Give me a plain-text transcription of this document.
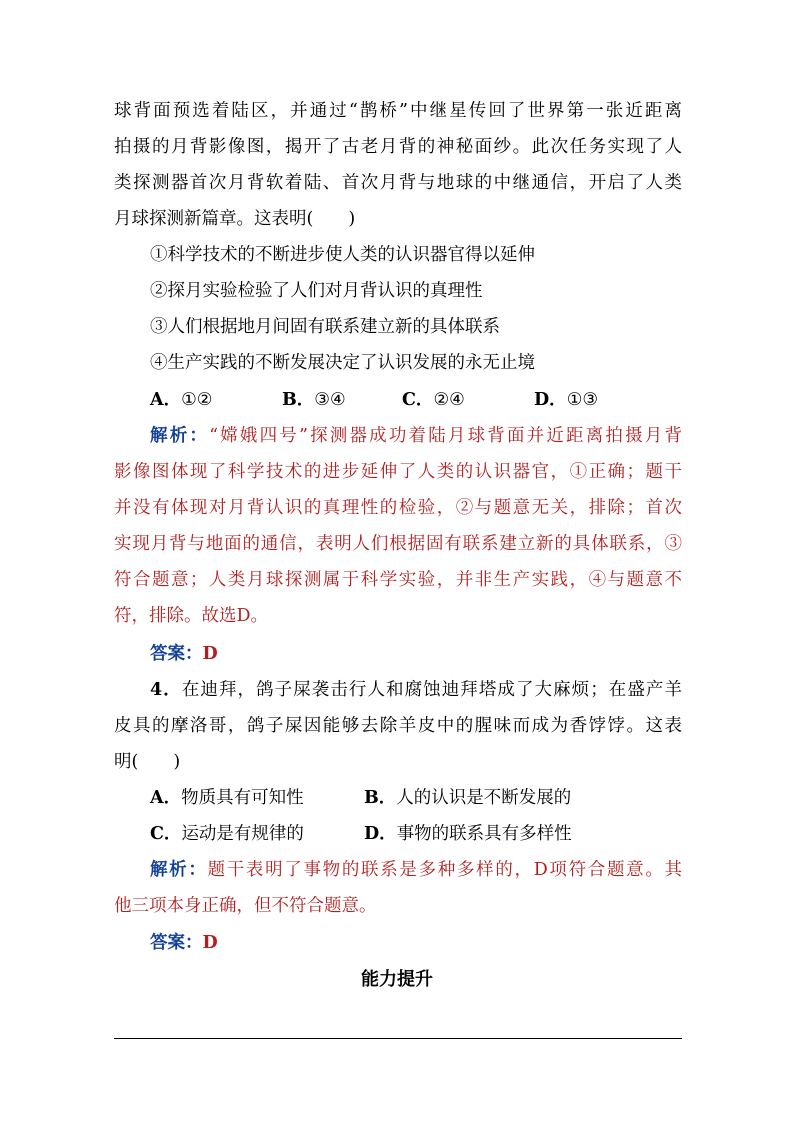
球背面预选着陆区，并通过“鹊桥”中继星传回了世界第一张近距离
拍摄的月背影像图，揭开了古老月背的神秘面纱。此次任务实现了人
类探测器首次月背软着陆、首次月背与地球的中继通信，开启了人类
月球探测新篇章。这表明(　　)
①科学技术的不断进步使人类的认识器官得以延伸
②探月实验检验了人们对月背认识的真理性
③人们根据地月间固有联系建立新的具体联系
④生产实践的不断发展决定了认识发展的永无止境
A．①②	B．③④	C．②④	D．①③
解析：“嫦娥四号”探测器成功着陆月球背面并近距离拍摄月背
影像图体现了科学技术的进步延伸了人类的认识器官，①正确；题干
并没有体现对月背认识的真理性的检验，②与题意无关，排除；首次
实现月背与地面的通信，表明人们根据固有联系建立新的具体联系，③
符合题意；人类月球探测属于科学实验，并非生产实践，④与题意不
符，排除。故选D。
答案：D
4．在迪拜，鸽子屎袭击行人和腐蚀迪拜塔成了大麻烦；在盛产羊
皮具的摩洛哥，鸽子屎因能够去除羊皮中的腥味而成为香饽饽。这表
明(　　)
A．物质具有可知性	B．人的认识是不断发展的
C．运动是有规律的	D．事物的联系具有多样性
解析：题干表明了事物的联系是多种多样的，D项符合题意。其
他三项本身正确，但不符合题意。
答案：D
能力提升
